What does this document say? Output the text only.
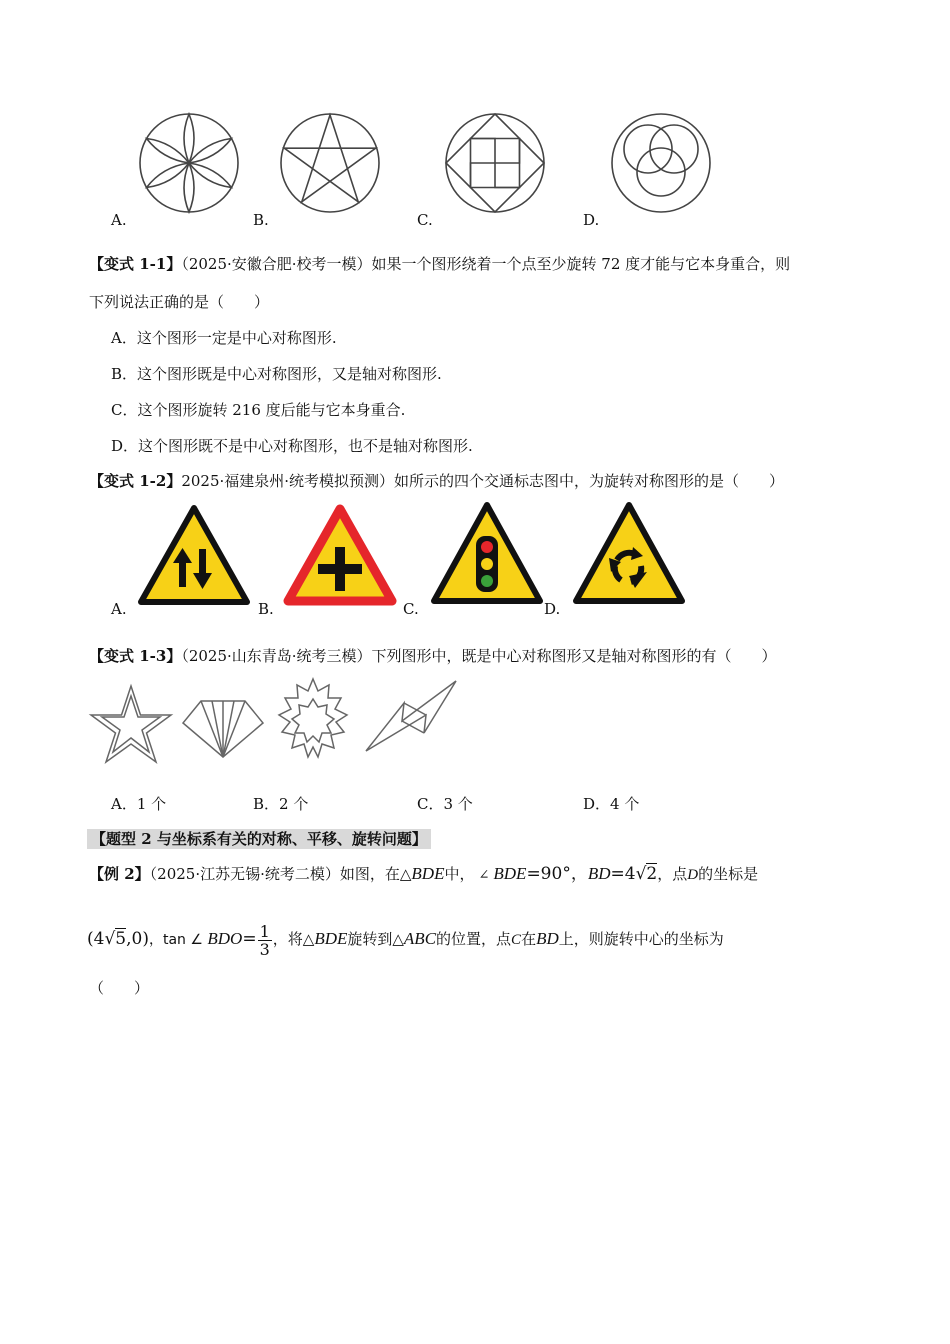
A.	B.	C.	D.
【变式 1-1】（2025·安徽合肥·校考一模）如果一个图形绕着一个点至少旋转 72 度才能与它本身重合，则
下列说法正确的是（　　）
A．这个图形一定是中心对称图形.
B．这个图形既是中心对称图形，又是轴对称图形.
C．这个图形旋转 216 度后能与它本身重合.
D．这个图形既不是中心对称图形，也不是轴对称图形.
【变式 1-2】2025·福建泉州·统考模拟预测）如所示的四个交通标志图中，为旋转对称图形的是（　　）
A.	B.	C.	D.
【变式 1-3】（2025·山东青岛·统考三模）下列图形中，既是中心对称图形又是轴对称图形的有（　　）
A．1 个	B．2 个	C．3 个	D．4 个
【题型 2 与坐标系有关的对称、平移、旋转问题】
【例 2】（2025·江苏无锡·统考二模）如图，在△BDE中， ∠ BDE=90°，BD=4√2，点D的坐标是
(4√5,0)，tan ∠ $BDO= \frac{1}{3}$ ，将△BDE旋转到△ABC的位置，点C在BD上，则旋转中心的坐标为
（　　）
